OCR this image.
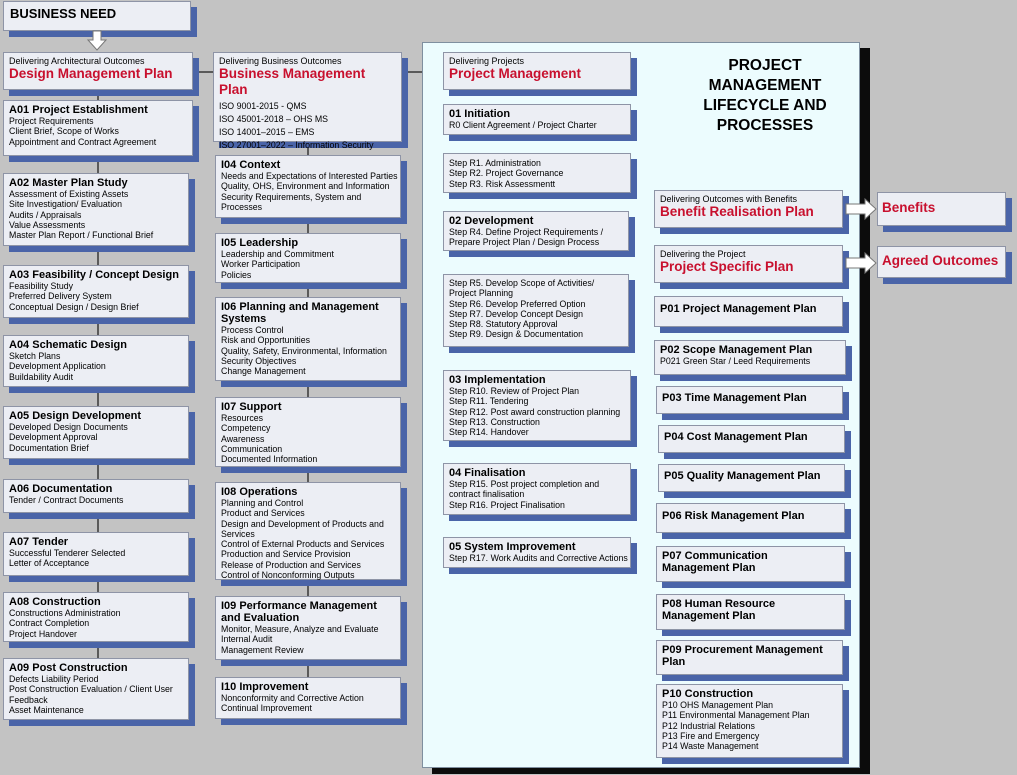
PROJECT
MANAGEMENT
LIFECYCLE AND
PROCESSES
BUSINESS NEED
Delivering Architectural Outcomes
Design Management Plan
A01 Project Establishment
Project Requirements
Client Brief, Scope of Works
Appointment and Contract Agreement
A02 Master Plan Study
Assessment of Existing Assets
Site Investigation/ Evaluation
Audits / Appraisals
Value Assessments
Master Plan Report / Functional Brief
A03 Feasibility / Concept Design
Feasibility Study
Preferred Delivery System
Conceptual Design / Design Brief
A04 Schematic Design
Sketch Plans
Development Application
Buildability Audit
A05 Design Development
Developed Design Documents
Development Approval
Documentation Brief
A06 Documentation
Tender / Contract Documents
A07 Tender
Successful Tenderer Selected
Letter of Acceptance
A08 Construction
Constructions Administration
Contract Completion
Project Handover
A09 Post Construction
Defects Liability Period
Post Construction Evaluation / Client User Feedback
Asset Maintenance
Delivering Business Outcomes
Business Management Plan
ISO 9001-2015 - QMS
ISO 45001-2018 – OHS MS
ISO 14001–2015 – EMS
ISO 27001–2022 – Information Security
I04 Context
Needs and Expectations of Interested Parties
Quality, OHS, Environment and Information Security Requirements, System and Processes
I05 Leadership
Leadership and Commitment
Worker Participation
Policies
I06 Planning and Management Systems
Process Control
Risk and Opportunities
Quality, Safety, Environmental, Information Security Objectives
Change Management
I07 Support
Resources
Competency
Awareness
Communication
Documented Information
I08 Operations
Planning and Control
Product and Services
Design and Development of Products and Services
Control of External Products and Services
Production and Service Provision
Release of Production and Services
Control of Nonconforming Outputs
I09 Performance Management and Evaluation
Monitor, Measure, Analyze and Evaluate
Internal Audit
Management Review
I10 Improvement
Nonconformity and Corrective Action
Continual Improvement
Delivering Projects
Project Management
01 Initiation
R0 Client Agreement / Project Charter
Step R1. Administration
Step R2. Project Governance
Step R3. Risk Assessmentt
02 Development
Step R4. Define Project Requirements / Prepare Project Plan / Design Process
Step R5. Develop Scope of Activities/ Project Planning
Step R6. Develop Preferred Option
Step R7. Develop Concept Design
Step R8. Statutory Approval
Step R9. Design & Documentation
03 Implementation
Step R10. Review of Project Plan
Step R11. Tendering
Step R12. Post award construction planning
Step R13. Construction
Step R14. Handover
04 Finalisation
Step R15. Post project completion and contract finalisation
Step R16. Project Finalisation
05 System Improvement
Step R17. Work Audits and Corrective Actions
Delivering Outcomes with Benefits
Benefit Realisation Plan
Delivering the Project
Project Specific Plan
Benefits
Agreed Outcomes
P01 Project Management Plan
P02 Scope Management Plan
P021 Green Star / Leed Requirements
P03 Time Management Plan
P04 Cost Management Plan
P05 Quality Management Plan
P06 Risk Management Plan
P07 Communication Management Plan
P08 Human Resource Management Plan
P09 Procurement Management Plan
P10 Construction
P10 OHS Management Plan
P11 Environmental Management Plan
P12 Industrial Relations
P13 Fire and Emergency
P14 Waste Management
